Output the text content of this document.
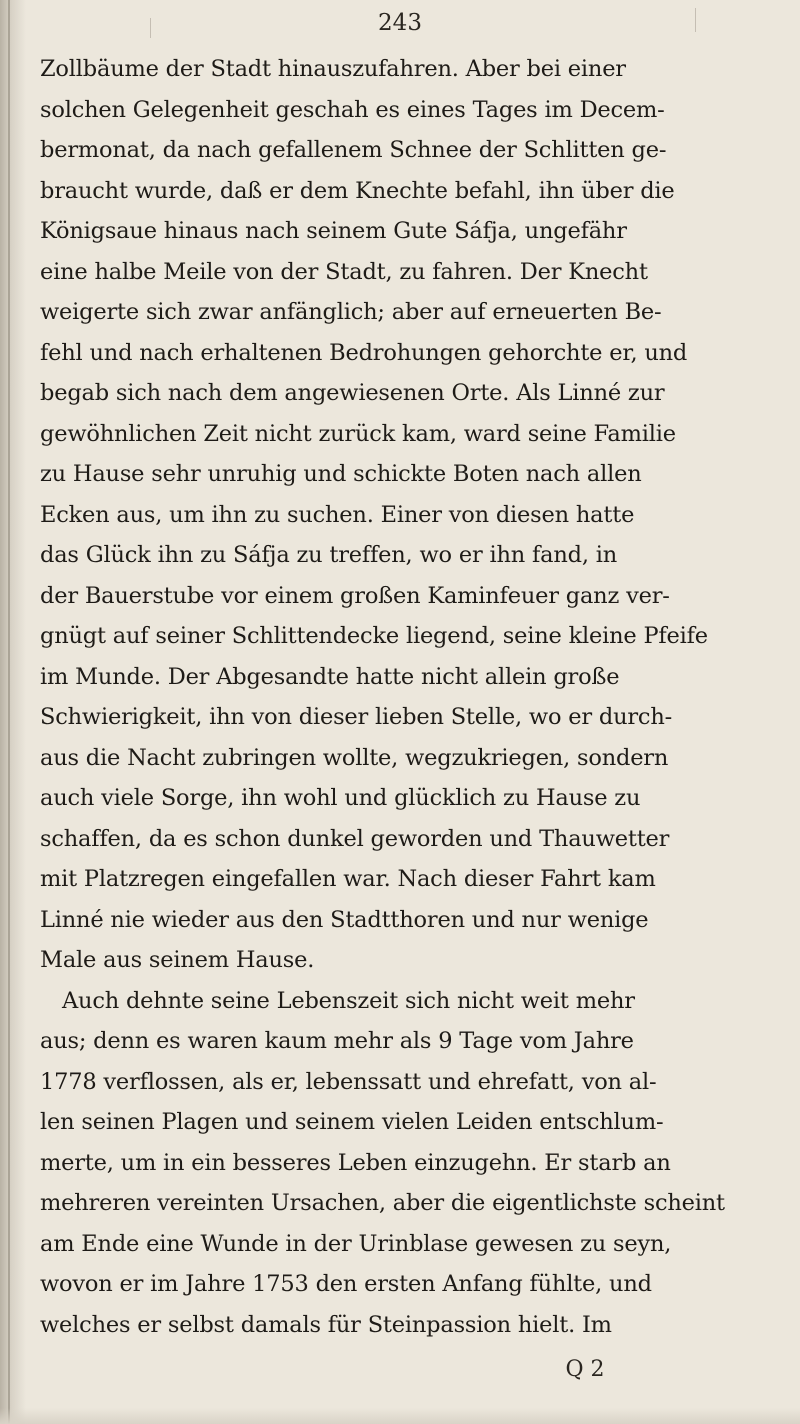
243
Zollbäume der Stadt hinauszufahren. Aber bei einer
solchen Gelegenheit geschah es eines Tages im Decem-
bermonat, da nach gefallenem Schnee der Schlitten ge-
braucht wurde, daß er dem Knechte befahl, ihn über die
Königsaue hinaus nach seinem Gute Sáfja, ungefähr
eine halbe Meile von der Stadt, zu fahren. Der Knecht
weigerte sich zwar anfänglich; aber auf erneuerten Be-
fehl und nach erhaltenen Bedrohungen gehorchte er, und
begab sich nach dem angewiesenen Orte. Als Linné zur
gewöhnlichen Zeit nicht zurück kam, ward seine Familie
zu Hause sehr unruhig und schickte Boten nach allen
Ecken aus, um ihn zu suchen. Einer von diesen hatte
das Glück ihn zu Sáfja zu treffen, wo er ihn fand, in
der Bauerstube vor einem großen Kaminfeuer ganz ver-
gnügt auf seiner Schlittendecke liegend, seine kleine Pfeife
im Munde. Der Abgesandte hatte nicht allein große
Schwierigkeit, ihn von dieser lieben Stelle, wo er durch-
aus die Nacht zubringen wollte, wegzukriegen, sondern
auch viele Sorge, ihn wohl und glücklich zu Hause zu
schaffen, da es schon dunkel geworden und Thauwetter
mit Platzregen eingefallen war. Nach dieser Fahrt kam
Linné nie wieder aus den Stadtthoren und nur wenige
Male aus seinem Hause.
Auch dehnte seine Lebenszeit sich nicht weit mehr
aus; denn es waren kaum mehr als 9 Tage vom Jahre
1778 verflossen, als er, lebenssatt und ehrefatt, von al-
len seinen Plagen und seinem vielen Leiden entschlum-
merte, um in ein besseres Leben einzugehn. Er starb an
mehreren vereinten Ursachen, aber die eigentlichste scheint
am Ende eine Wunde in der Urinblase gewesen zu seyn,
wovon er im Jahre 1753 den ersten Anfang fühlte, und
welches er selbst damals für Steinpassion hielt. Im
Q 2
